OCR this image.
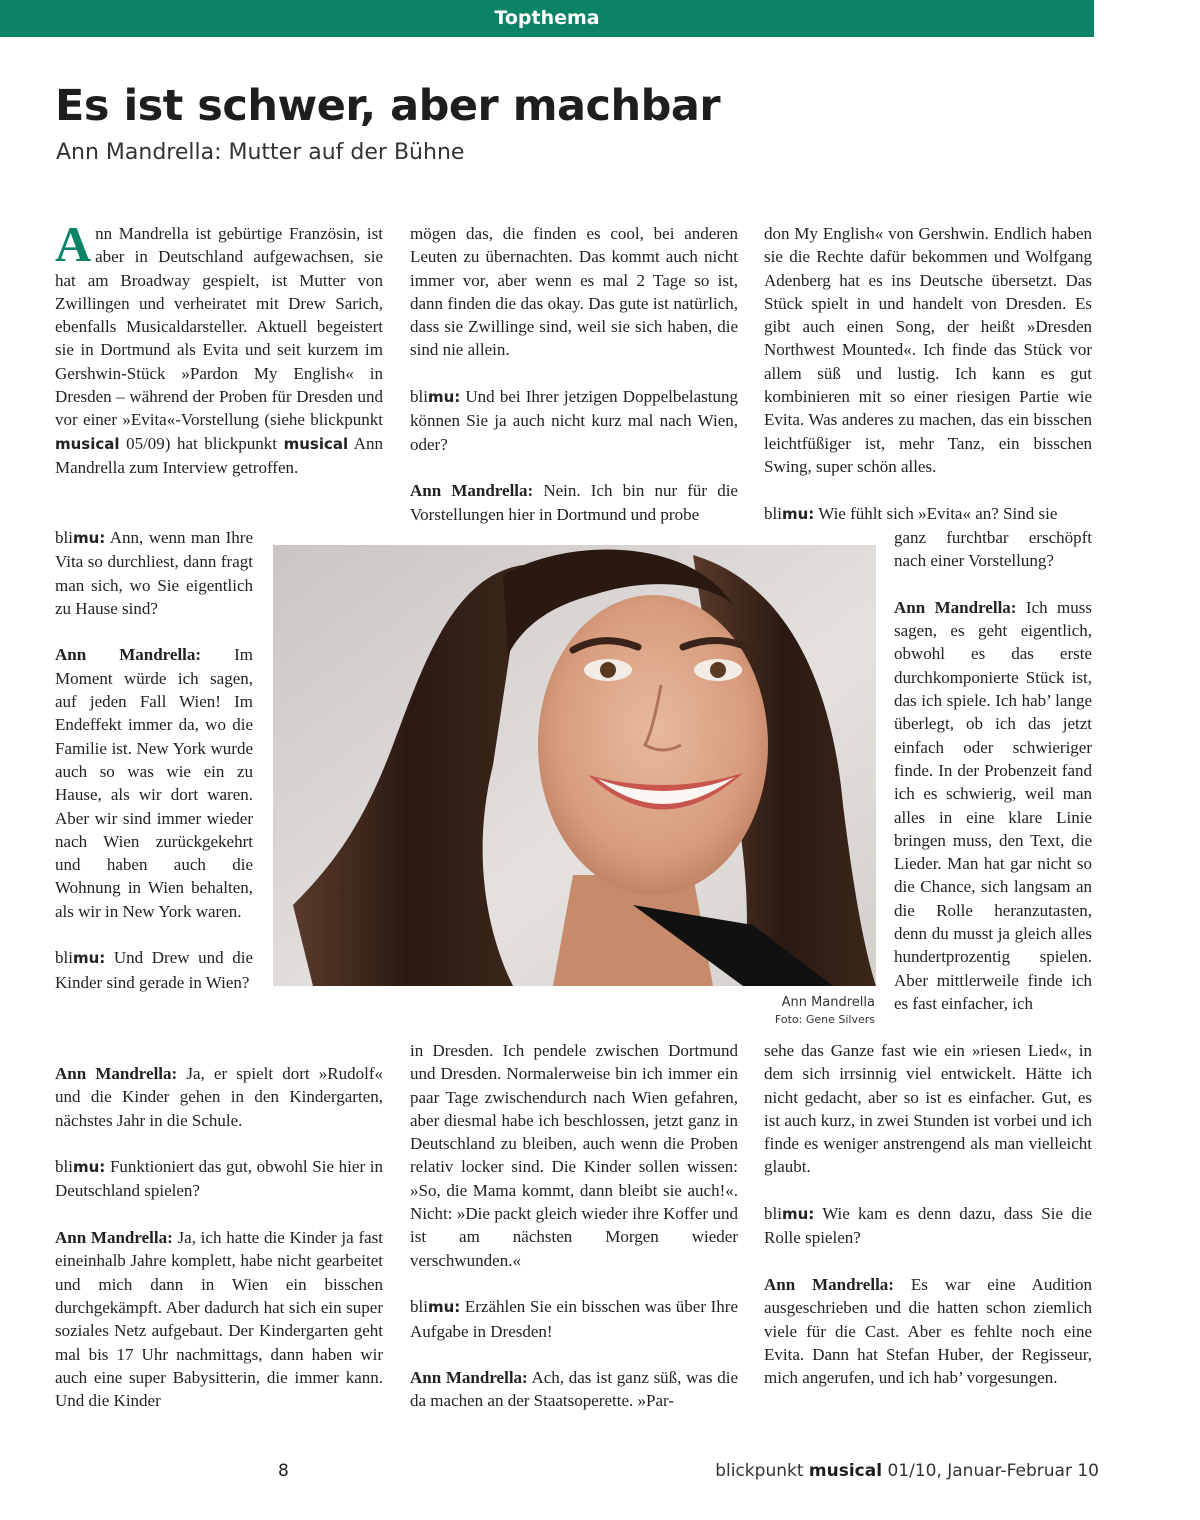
Topthema
Es ist schwer, aber machbar
Ann Mandrella: Mutter auf der Bühne

Ann Mandrella ist gebürtige Französin, ist aber in Deutschland aufgewachsen, sie hat am Broadway gespielt, ist Mutter von Zwillingen und verheiratet mit Drew Sarich, ebenfalls Musicaldarsteller. Aktuell begeistert sie in Dortmund als Evita und seit kurzem im Gershwin-Stück »Pardon My English« in Dresden – während der Proben für Dresden und vor einer »Evita«-Vorstellung (siehe blickpunkt musical 05/09) hat blickpunkt musical Ann Mandrella zum Interview getroffen.

blimu: Ann, wenn man Ihre Vita so durchliest, dann fragt man sich, wo Sie eigentlich zu Hause sind?

Ann Mandrella: Im Moment würde ich sagen, auf jeden Fall Wien! Im Endeffekt immer da, wo die Familie ist. New York wurde auch so was wie ein zu Hause, als wir dort waren. Aber wir sind immer wieder nach Wien zurückgekehrt und haben auch die Wohnung in Wien behalten, als wir in New York waren.

blimu: Und Drew und die Kinder sind gerade in Wien?

Ann Mandrella: Ja, er spielt dort »Rudolf« und die Kinder gehen in den Kindergarten, nächstes Jahr in die Schule.

blimu: Funktioniert das gut, obwohl Sie hier in Deutschland spielen?

Ann Mandrella: Ja, ich hatte die Kinder ja fast eineinhalb Jahre komplett, habe nicht gearbeitet und mich dann in Wien ein bisschen durchgekämpft. Aber dadurch hat sich ein super soziales Netz aufgebaut. Der Kindergarten geht mal bis 17 Uhr nachmittags, dann haben wir auch eine super Babysitterin, die immer kann. Und die Kinder

mögen das, die finden es cool, bei anderen Leuten zu übernachten. Das kommt auch nicht immer vor, aber wenn es mal 2 Tage so ist, dann finden die das okay. Das gute ist natürlich, dass sie Zwillinge sind, weil sie sich haben, die sind nie allein.

blimu: Und bei Ihrer jetzigen Doppelbelastung können Sie ja auch nicht kurz mal nach Wien, oder?

Ann Mandrella: Nein. Ich bin nur für die Vorstellungen hier in Dortmund und probe

in Dresden. Ich pendele zwischen Dortmund und Dresden. Normalerweise bin ich immer ein paar Tage zwischendurch nach Wien gefahren, aber diesmal habe ich beschlossen, jetzt ganz in Deutschland zu bleiben, auch wenn die Proben relativ locker sind. Die Kinder sollen wissen: »So, die Mama kommt, dann bleibt sie auch!«. Nicht: »Die packt gleich wieder ihre Koffer und ist am nächsten Morgen wieder verschwunden.«

blimu: Erzählen Sie ein bisschen was über Ihre Aufgabe in Dresden!

Ann Mandrella: Ach, das ist ganz süß, was die da machen an der Staatsoperette. »Par-

don My English« von Gershwin. Endlich haben sie die Rechte dafür bekommen und Wolfgang Adenberg hat es ins Deutsche übersetzt. Das Stück spielt in und handelt von Dresden. Es gibt auch einen Song, der heißt »Dresden Northwest Mounted«. Ich finde das Stück vor allem süß und lustig. Ich kann es gut kombinieren mit so einer riesigen Partie wie Evita. Was anderes zu machen, das ein bisschen leichtfüßiger ist, mehr Tanz, ein bisschen Swing, super schön alles.

blimu: Wie fühlt sich »Evita« an? Sind sie

ganz furchtbar erschöpft nach einer Vorstellung?

Ann Mandrella: Ich muss sagen, es geht eigentlich, obwohl es das erste durchkomponierte Stück ist, das ich spiele. Ich hab’ lange überlegt, ob ich das jetzt einfach oder schwieriger finde. In der Probenzeit fand ich es schwierig, weil man alles in eine klare Linie bringen muss, den Text, die Lieder. Man hat gar nicht so die Chance, sich langsam an die Rolle heranzutasten, denn du musst ja gleich alles hundertprozentig spielen. Aber mittlerweile finde ich es fast einfacher, ich

sehe das Ganze fast wie ein »riesen Lied«, in dem sich irrsinnig viel entwickelt. Hätte ich nicht gedacht, aber so ist es einfacher. Gut, es ist auch kurz, in zwei Stunden ist vorbei und ich finde es weniger anstrengend als man vielleicht glaubt.

blimu: Wie kam es denn dazu, dass Sie die Rolle spielen?

Ann Mandrella: Es war eine Audition ausgeschrieben und die hatten schon ziemlich viele für die Cast. Aber es fehlte noch eine Evita. Dann hat Stefan Huber, der Regisseur, mich angerufen, und ich hab’ vorgesungen.

Ann Mandrella
Foto: Gene Silvers
8	blickpunkt musical 01/10, Januar-Februar 10
